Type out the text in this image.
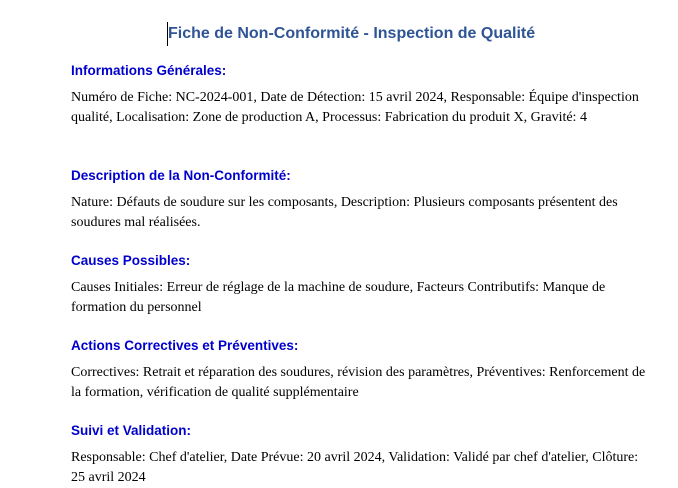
Fiche de Non-Conformité - Inspection de Qualité
Informations Générales:
Numéro de Fiche: NC-2024-001, Date de Détection: 15 avril 2024, Responsable: Équipe d'inspection qualité, Localisation: Zone de production A, Processus: Fabrication du produit X, Gravité: 4
Description de la Non-Conformité:
Nature: Défauts de soudure sur les composants, Description: Plusieurs composants présentent des soudures mal réalisées.
Causes Possibles:
Causes Initiales: Erreur de réglage de la machine de soudure, Facteurs Contributifs: Manque de formation du personnel
Actions Correctives et Préventives:
Correctives: Retrait et réparation des soudures, révision des paramètres, Préventives: Renforcement de la formation, vérification de qualité supplémentaire
Suivi et Validation:
Responsable: Chef d'atelier, Date Prévue: 20 avril 2024, Validation: Validé par chef d'atelier, Clôture: 25 avril 2024
